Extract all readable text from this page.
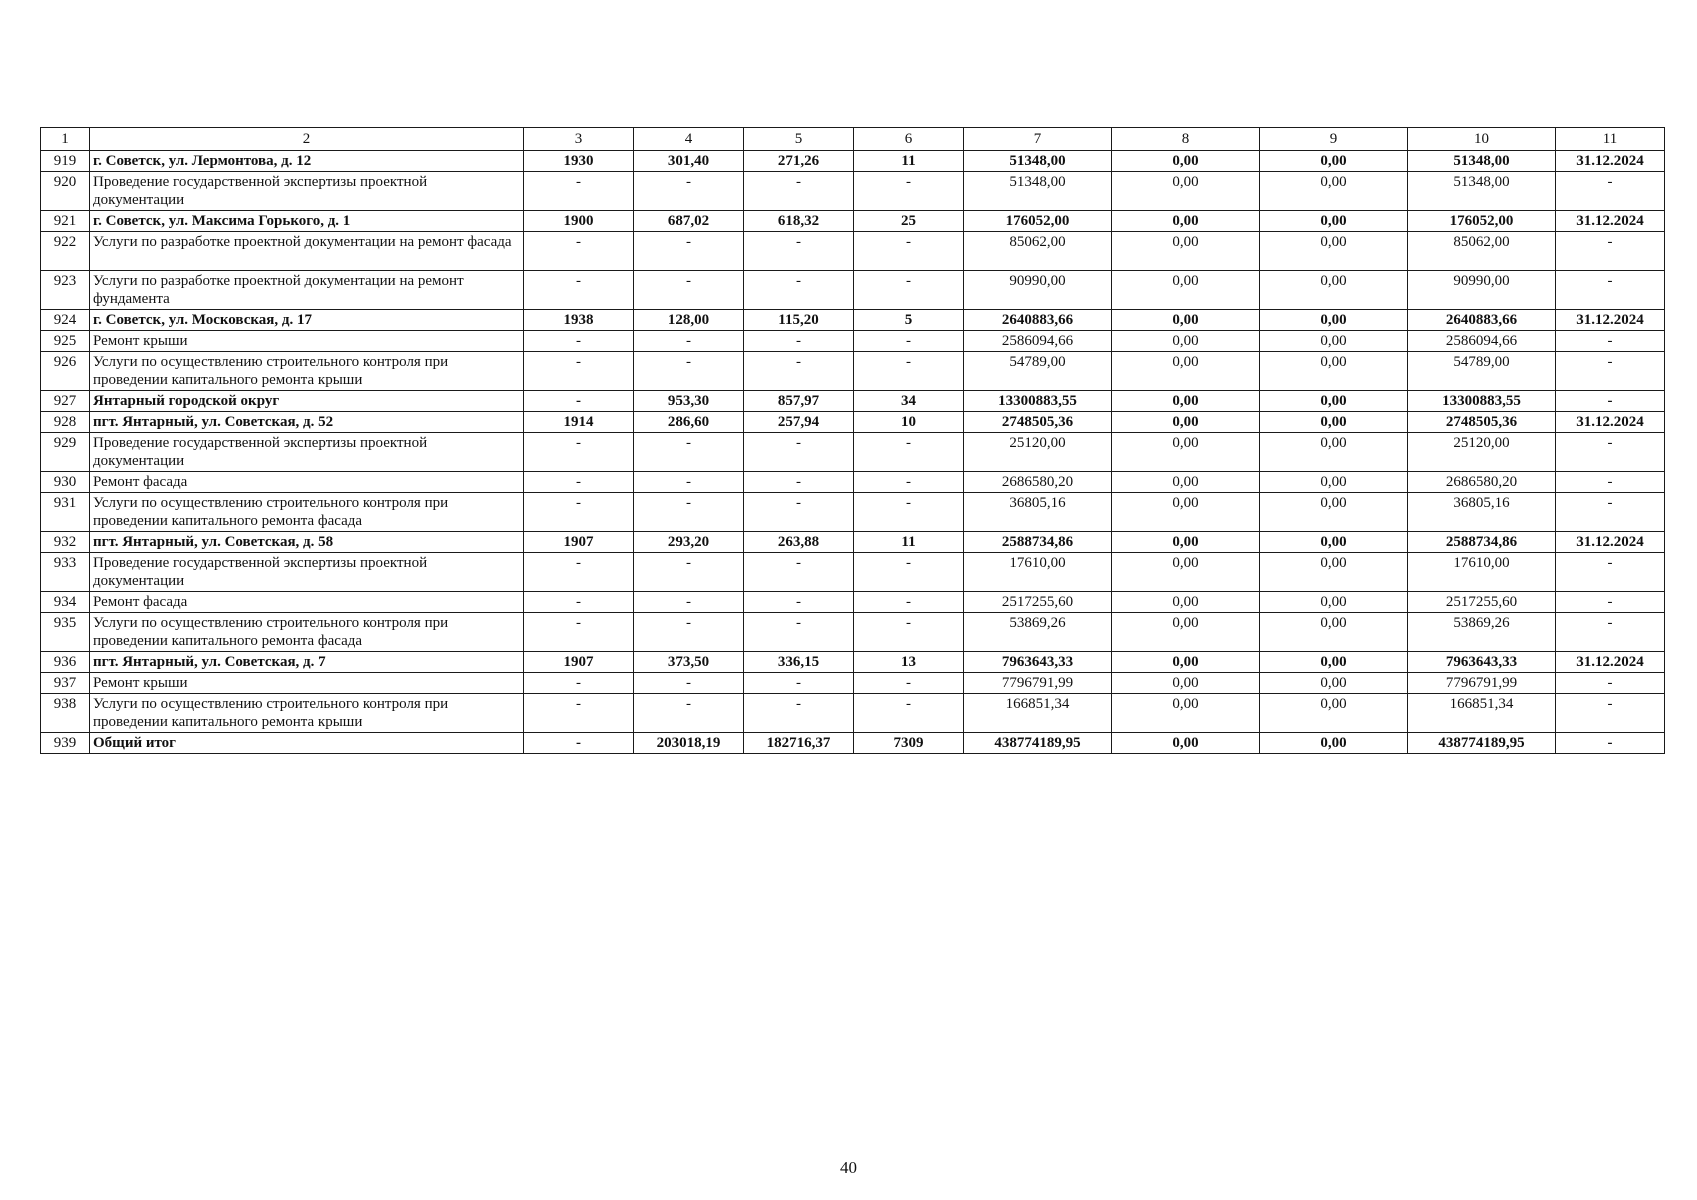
1	2	3	4	5	6	7	8	9	10	11
919	г. Советск, ул. Лермонтова, д. 12	1930	301,40	271,26	11	51348,00	0,00	0,00	51348,00	31.12.2024
920	Проведение государственной экспертизы проектной документации	-	-	-	-	51348,00	0,00	0,00	51348,00	-
921	г. Советск, ул. Максима Горького, д. 1	1900	687,02	618,32	25	176052,00	0,00	0,00	176052,00	31.12.2024
922	Услуги по разработке проектной документации на ремонт фасада	-	-	-	-	85062,00	0,00	0,00	85062,00	-
923	Услуги по разработке проектной документации на ремонт фундамента	-	-	-	-	90990,00	0,00	0,00	90990,00	-
924	г. Советск, ул. Московская, д. 17	1938	128,00	115,20	5	2640883,66	0,00	0,00	2640883,66	31.12.2024
925	Ремонт крыши	-	-	-	-	2586094,66	0,00	0,00	2586094,66	-
926	Услуги по осуществлению строительного контроля при проведении капитального ремонта крыши	-	-	-	-	54789,00	0,00	0,00	54789,00	-
927	Янтарный городской округ	-	953,30	857,97	34	13300883,55	0,00	0,00	13300883,55	-
928	пгт. Янтарный, ул. Советская, д. 52	1914	286,60	257,94	10	2748505,36	0,00	0,00	2748505,36	31.12.2024
929	Проведение государственной экспертизы проектной документации	-	-	-	-	25120,00	0,00	0,00	25120,00	-
930	Ремонт фасада	-	-	-	-	2686580,20	0,00	0,00	2686580,20	-
931	Услуги по осуществлению строительного контроля при проведении капитального ремонта фасада	-	-	-	-	36805,16	0,00	0,00	36805,16	-
932	пгт. Янтарный, ул. Советская, д. 58	1907	293,20	263,88	11	2588734,86	0,00	0,00	2588734,86	31.12.2024
933	Проведение государственной экспертизы проектной документации	-	-	-	-	17610,00	0,00	0,00	17610,00	-
934	Ремонт фасада	-	-	-	-	2517255,60	0,00	0,00	2517255,60	-
935	Услуги по осуществлению строительного контроля при проведении капитального ремонта фасада	-	-	-	-	53869,26	0,00	0,00	53869,26	-
936	пгт. Янтарный, ул. Советская, д. 7	1907	373,50	336,15	13	7963643,33	0,00	0,00	7963643,33	31.12.2024
937	Ремонт крыши	-	-	-	-	7796791,99	0,00	0,00	7796791,99	-
938	Услуги по осуществлению строительного контроля при проведении капитального ремонта крыши	-	-	-	-	166851,34	0,00	0,00	166851,34	-
939	Общий итог	-	203018,19	182716,37	7309	438774189,95	0,00	0,00	438774189,95	-
40
